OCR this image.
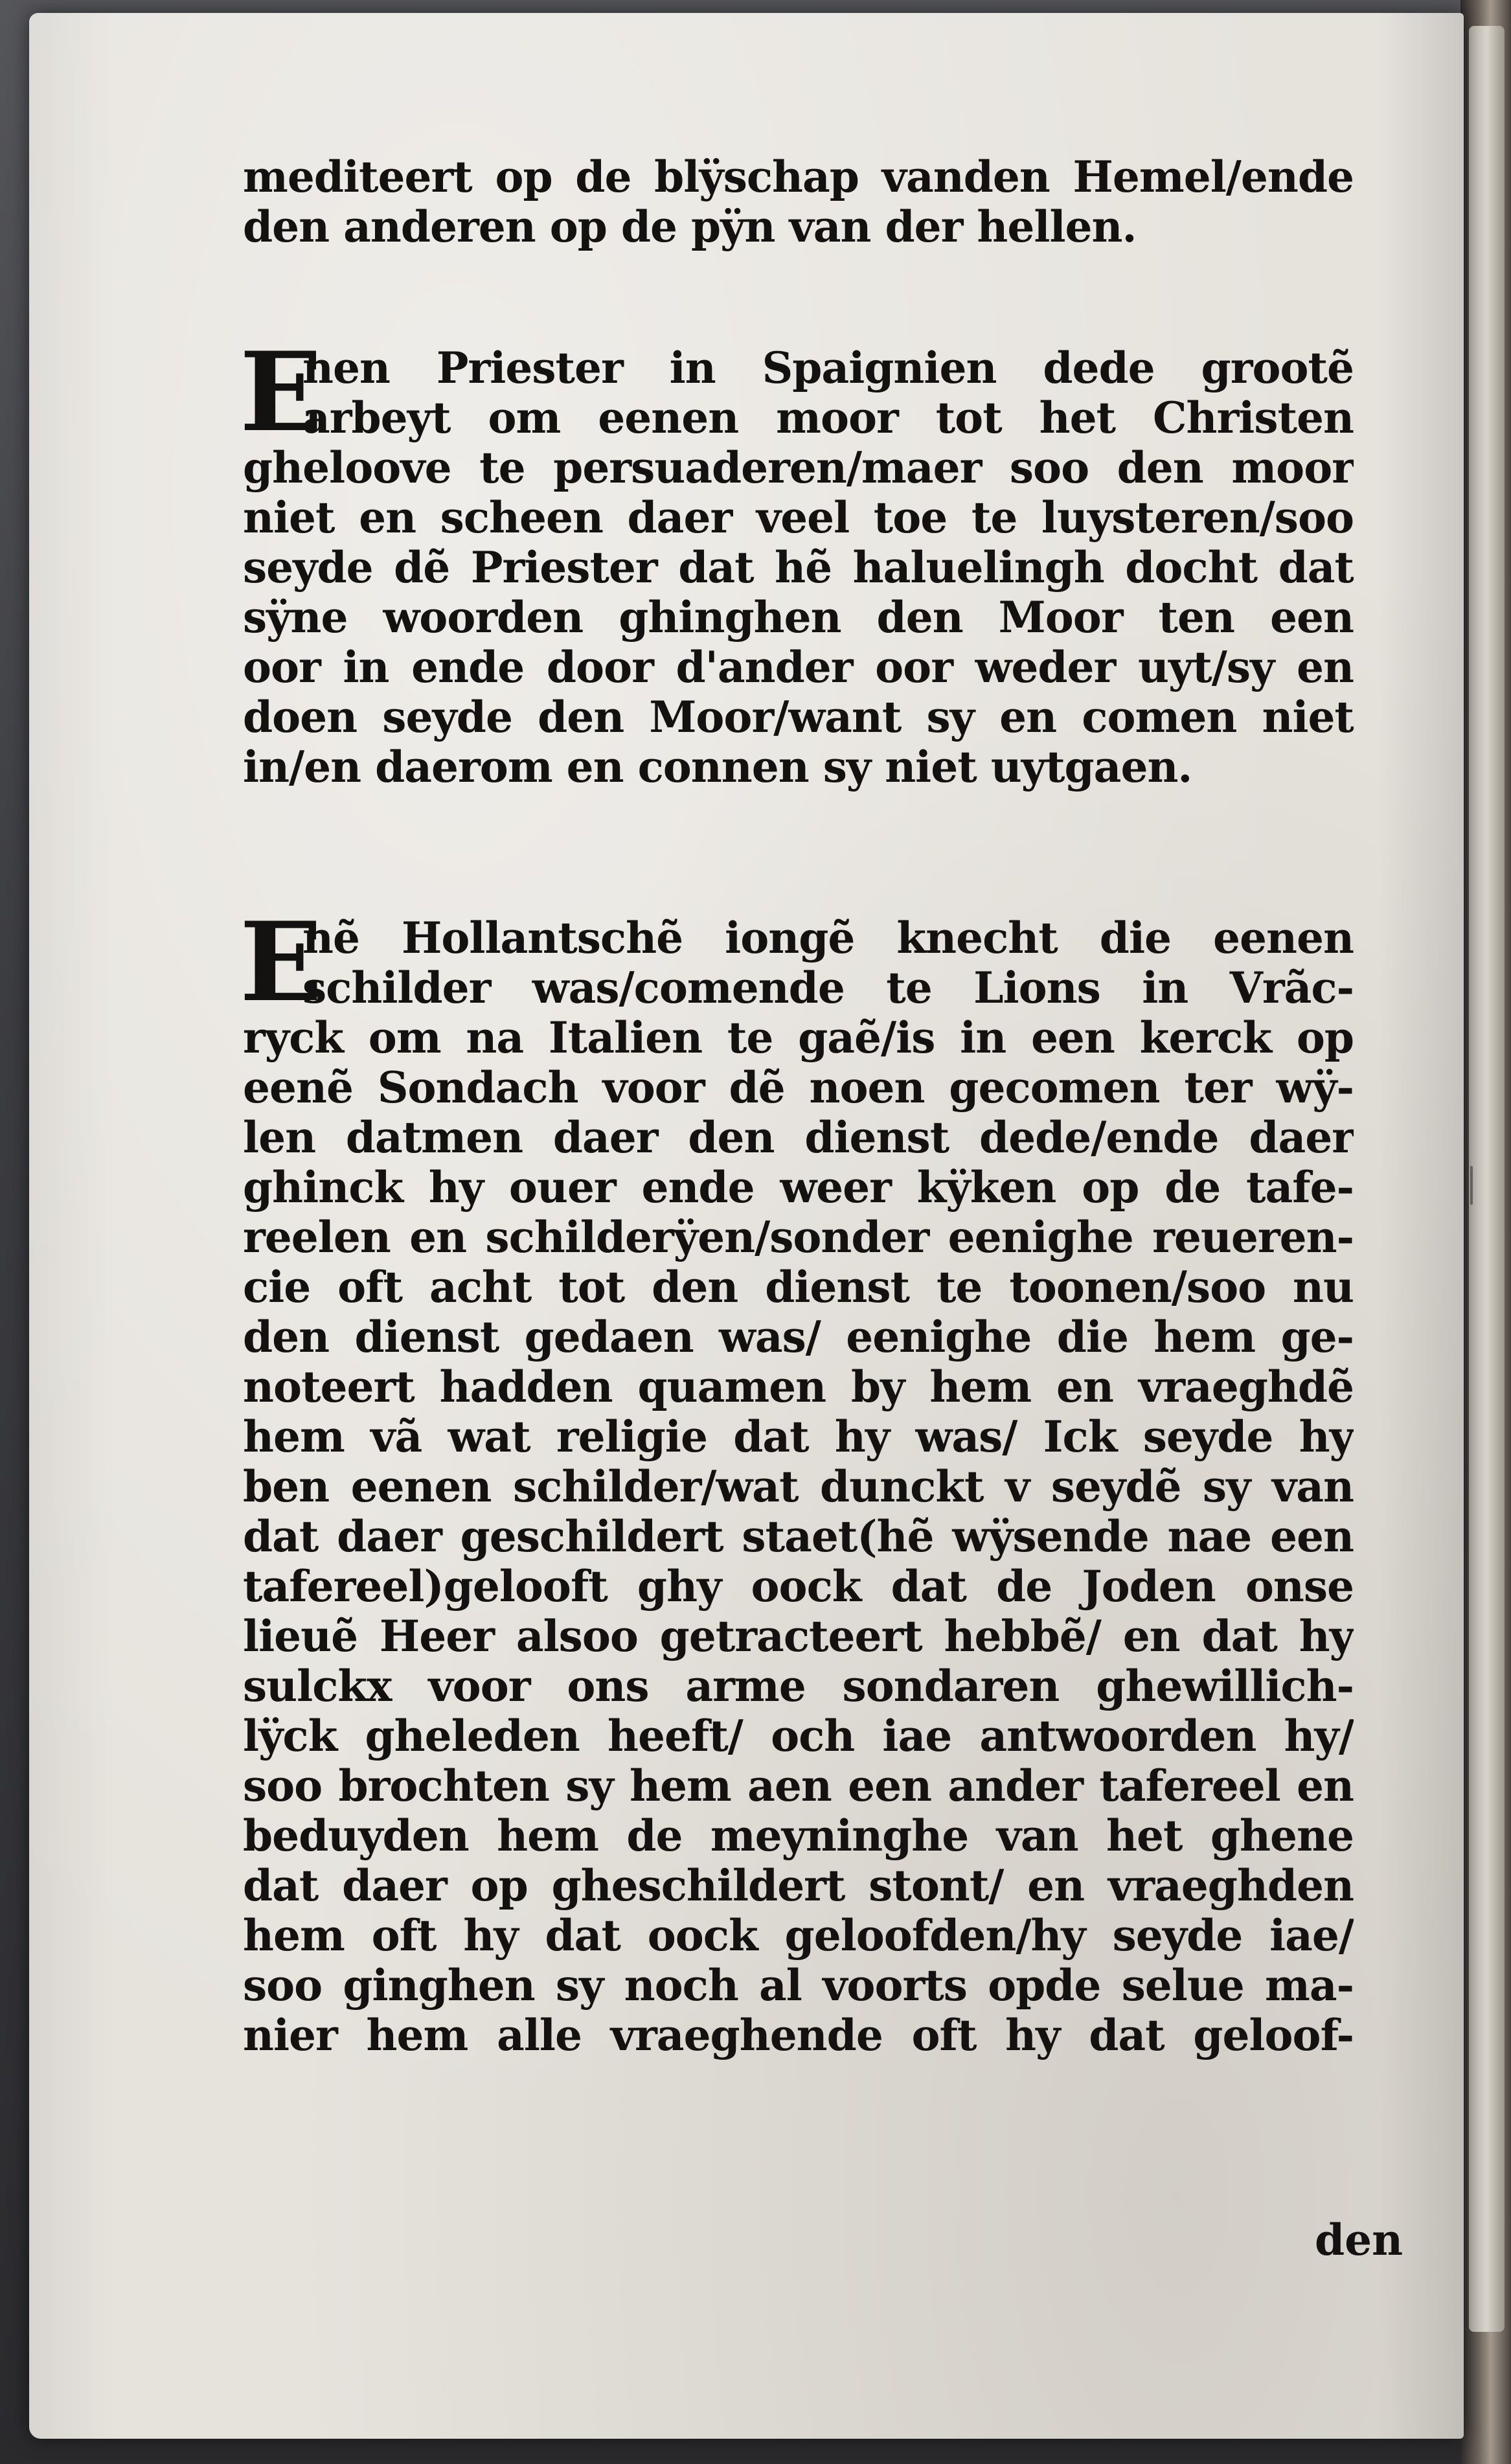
mediteert op de blÿschap vanden Hemel/ende
den anderen op de pÿn van der hellen.
E
nen Priester in Spaignien dede grootẽ
arbeyt om eenen moor tot het Christen
gheloove te persuaderen/maer soo den moor
niet en scheen daer veel toe te luysteren/soo
seyde dẽ Priester dat hẽ haluelingh docht dat
sÿne woorden ghinghen den Moor ten een
oor in ende door d'ander oor weder uyt/sy en
doen seyde den Moor/want sy en comen niet
in/en daerom en connen sy niet uytgaen.
E
nẽ Hollantschẽ iongẽ knecht die eenen
schilder was/comende te Lions in Vrãc-
ryck om na Italien te gaẽ/is in een kerck op
eenẽ Sondach voor dẽ noen gecomen ter wÿ-
len datmen daer den dienst dede/ende daer
ghinck hy ouer ende weer kÿken op de tafe-
reelen en schilderÿen/sonder eenighe reueren-
cie oft acht tot den dienst te toonen/soo nu
den dienst gedaen was/ eenighe die hem ge-
noteert hadden quamen by hem en vraeghdẽ
hem vã wat religie dat hy was/ Ick seyde hy
ben eenen schilder/wat dunckt v seydẽ sy van
dat daer geschildert staet(hẽ wÿsende nae een
tafereel)gelooft ghy oock dat de Joden onse
lieuẽ Heer alsoo getracteert hebbẽ/ en dat hy
sulckx voor ons arme sondaren ghewillich-
lÿck gheleden heeft/ och iae antwoorden hy/
soo brochten sy hem aen een ander tafereel en
beduyden hem de meyninghe van het ghene
dat daer op gheschildert stont/ en vraeghden
hem oft hy dat oock geloofden/hy seyde iae/
soo ginghen sy noch al voorts opde selue ma-
nier hem alle vraeghende oft hy dat geloof-
den
